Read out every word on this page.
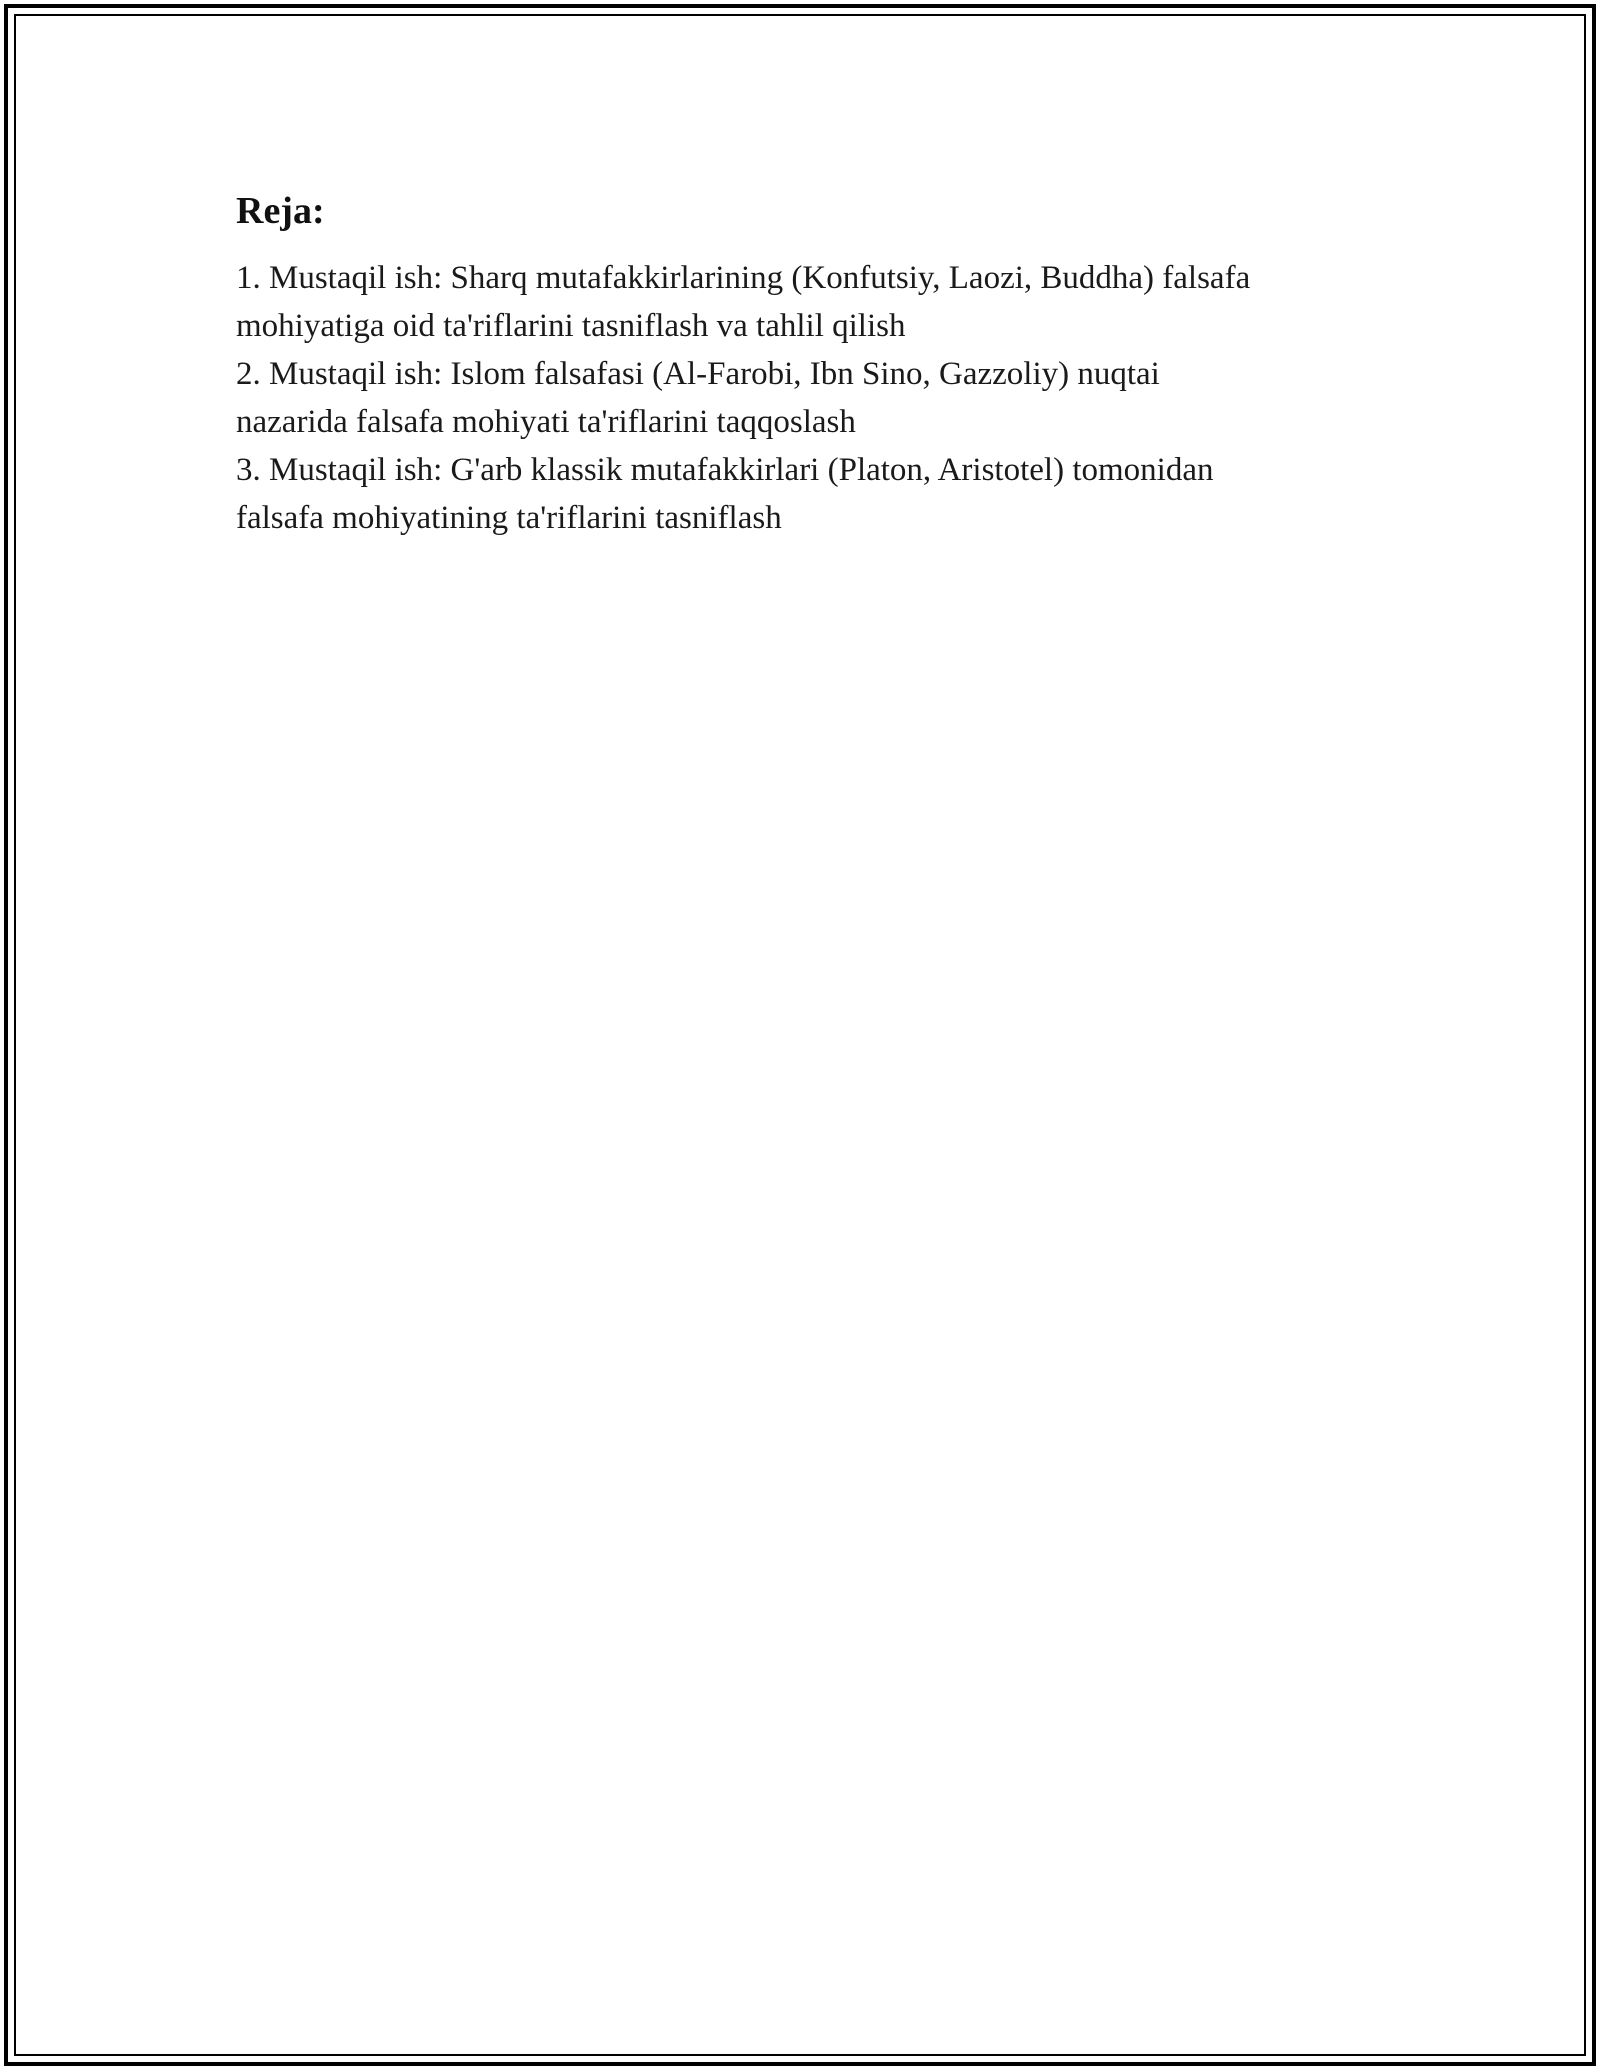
Reja:
1. Mustaqil ish: Sharq mutafakkirlarining (Konfutsiy, Laozi, Buddha) falsafa
mohiyatiga oid ta'riflarini tasniflash va tahlil qilish
2. Mustaqil ish: Islom falsafasi (Al-Farobi, Ibn Sino, Gazzoliy) nuqtai
nazarida falsafa mohiyati ta'riflarini taqqoslash
3. Mustaqil ish: G'arb klassik mutafakkirlari (Platon, Aristotel) tomonidan
falsafa mohiyatining ta'riflarini tasniflash
